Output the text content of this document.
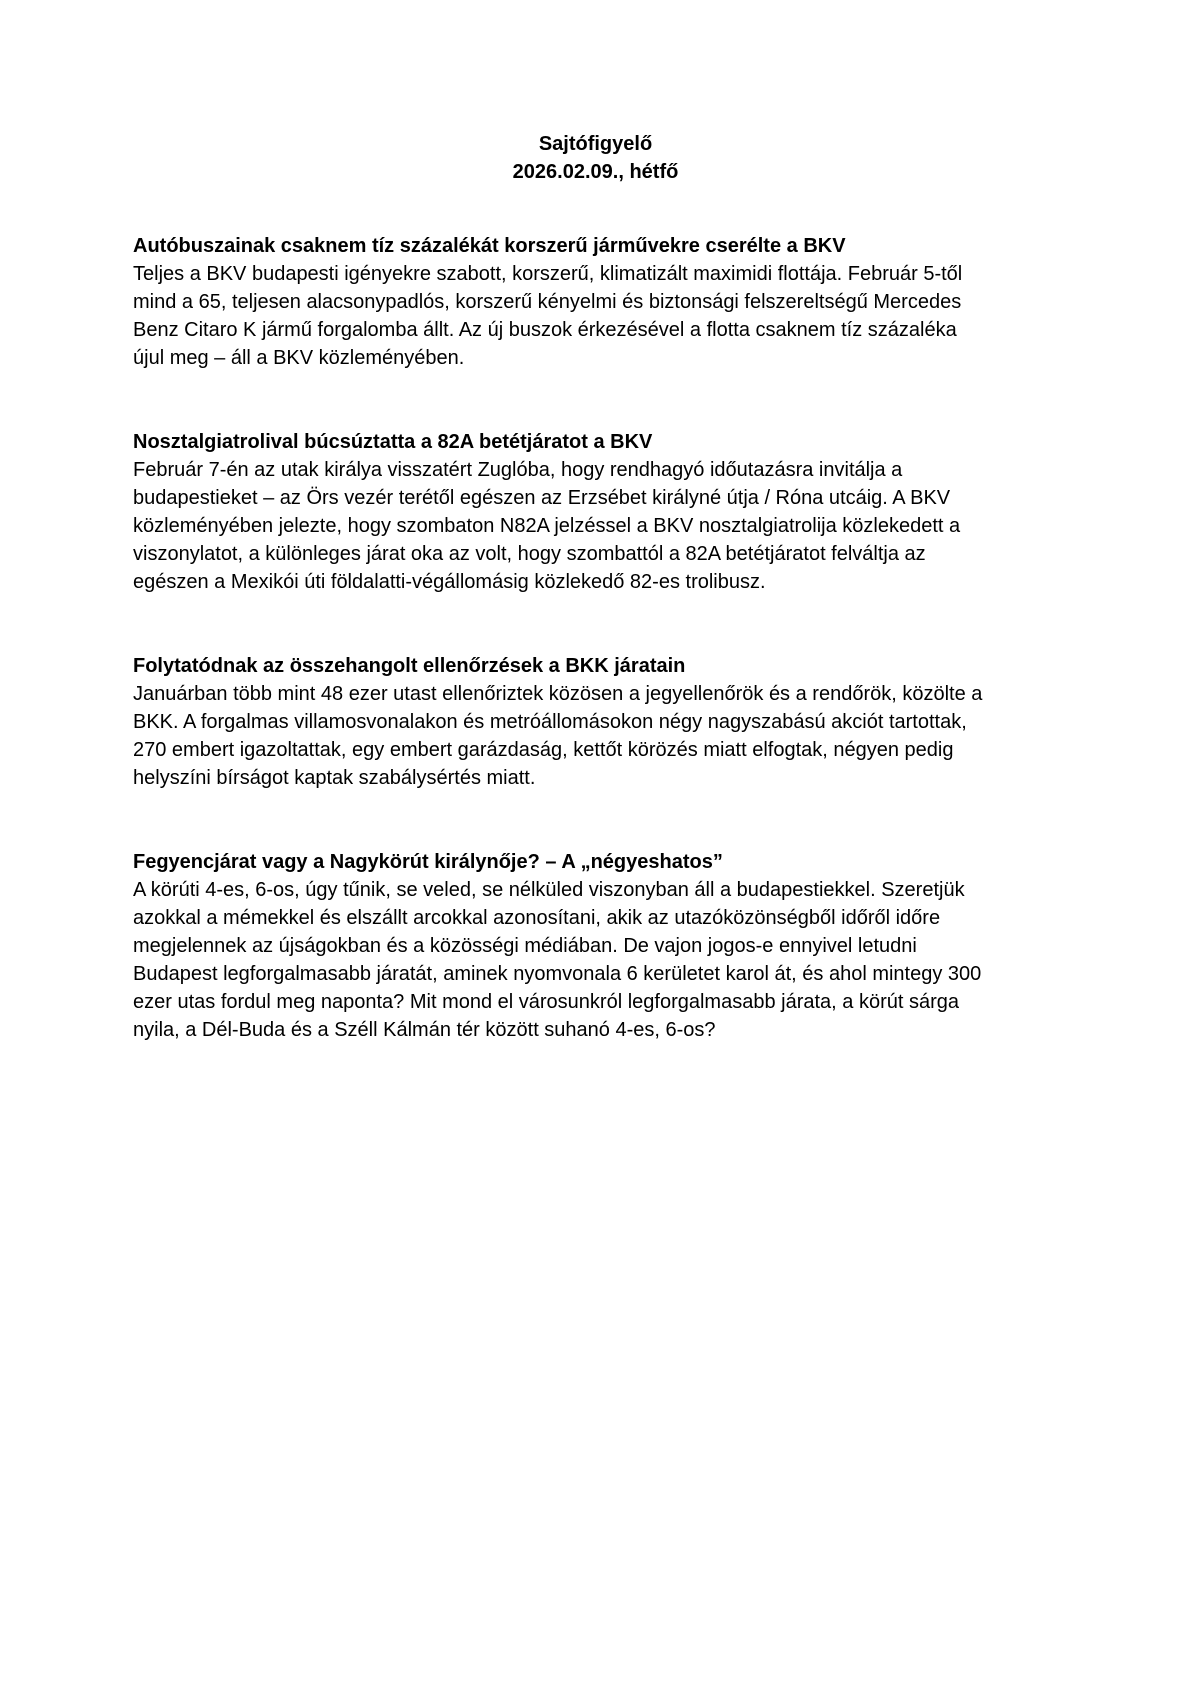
Sajtófigyelő
2026.02.09., hétfő

Autóbuszainak csaknem tíz százalékát korszerű járművekre cserélte a BKV

Teljes a BKV budapesti igényekre szabott, korszerű, klimatizált maximidi flottája. Február 5-től mind a 65, teljesen alacsonypadlós, korszerű kényelmi és biztonsági felszereltségű Mercedes Benz Citaro K jármű forgalomba állt. Az új buszok érkezésével a flotta csaknem tíz százaléka újul meg – áll a BKV közleményében.

Nosztalgiatrolival búcsúztatta a 82A betétjáratot a BKV

Február 7-én az utak királya visszatért Zuglóba, hogy rendhagyó időutazásra invitálja a budapestieket – az Örs vezér terétől egészen az Erzsébet királyné útja / Róna utcáig. A BKV közleményében jelezte, hogy szombaton N82A jelzéssel a BKV nosztalgiatrolija közlekedett a viszonylatot, a különleges járat oka az volt, hogy szombattól a 82A betétjáratot felváltja az egészen a Mexikói úti földalatti-végállomásig közlekedő 82-es trolibusz.

Folytatódnak az összehangolt ellenőrzések a BKK járatain

Januárban több mint 48 ezer utast ellenőriztek közösen a jegyellenőrök és a rendőrök, közölte a BKK. A forgalmas villamosvonalakon és metróállomásokon négy nagyszabású akciót tartottak, 270 embert igazoltattak, egy embert garázdaság, kettőt körözés miatt elfogtak, négyen pedig helyszíni bírságot kaptak szabálysértés miatt.

Fegyencjárat vagy a Nagykörút királynője? – A „négyeshatos”

A körúti 4-es, 6-os, úgy tűnik, se veled, se nélküled viszonyban áll a budapestiekkel. Szeretjük azokkal a mémekkel és elszállt arcokkal azonosítani, akik az utazóközönségből időről időre megjelennek az újságokban és a közösségi médiában. De vajon jogos-e ennyivel letudni Budapest legforgalmasabb járatát, aminek nyomvonala 6 kerületet karol át, és ahol mintegy 300 ezer utas fordul meg naponta? Mit mond el városunkról legforgalmasabb járata, a körút sárga nyila, a Dél-Buda és a Széll Kálmán tér között suhanó 4-es, 6-os?
